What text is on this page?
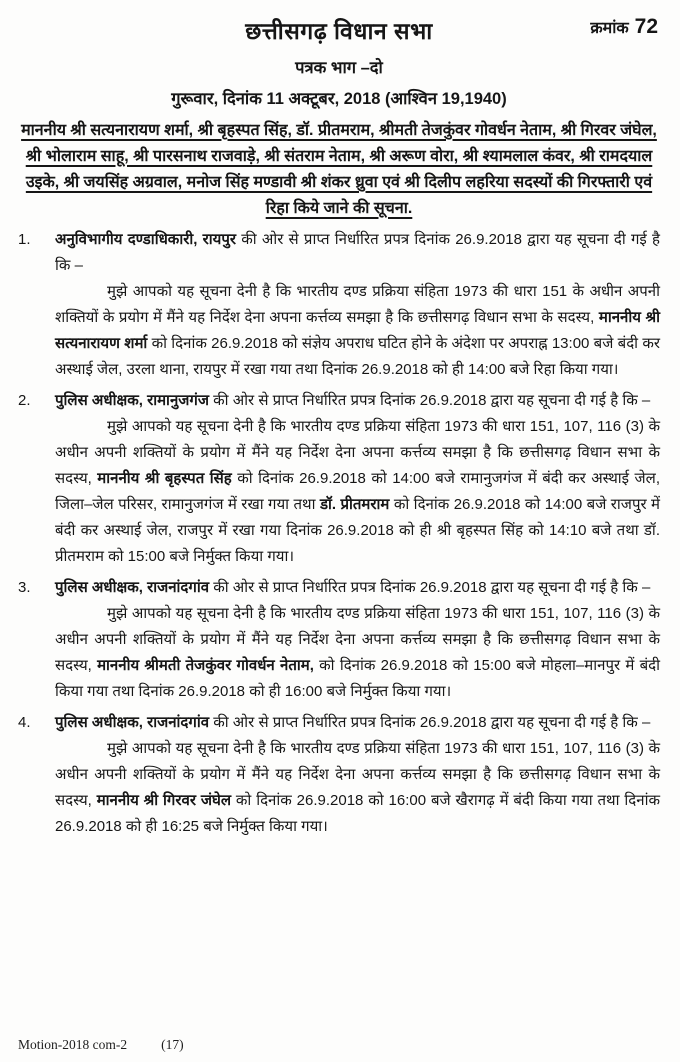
छत्तीसगढ़ विधान सभा	क्रमांक 72
पत्रक भाग –दो
गुरूवार, दिनांक 11 अक्टूबर, 2018 (आश्विन 19,1940)
माननीय श्री सत्यनारायण शर्मा, श्री बृहस्पत सिंह, डॉ. प्रीतमराम, श्रीमती तेजकुंवर गोवर्धन नेताम, श्री गिरवर जंघेल, श्री भोलाराम साहू, श्री पारसनाथ राजवाड़े, श्री संतराम नेताम, श्री अरूण वोरा, श्री श्यामलाल कंवर, श्री रामदयाल उइके, श्री जयसिंह अग्रवाल, मनोज सिंह मण्डावी श्री शंकर ध्रुवा एवं श्री दिलीप लहरिया सदस्यों की गिरफ्तारी एवं रिहा किये जाने की सूचना.
1.	अनुविभागीय दण्डाधिकारी, रायपुर की ओर से प्राप्त निर्धारित प्रपत्र दिनांक 26.9.2018 द्वारा यह सूचना दी गई है कि –
मुझे आपको यह सूचना देनी है कि भारतीय दण्ड प्रक्रिया संहिता 1973 की धारा 151 के अधीन अपनी शक्तियों के प्रयोग में मैंने यह निर्देश देना अपना कर्त्तव्य समझा है कि छत्तीसगढ़ विधान सभा के सदस्य, माननीय श्री सत्यनारायण शर्मा को दिनांक 26.9.2018 को संज्ञेय अपराध घटित होने के अंदेशा पर अपराह्न 13:00 बजे बंदी कर अस्थाई जेल, उरला थाना, रायपुर में रखा गया तथा दिनांक 26.9.2018 को ही 14:00 बजे रिहा किया गया।
2.	पुलिस अधीक्षक, रामानुजगंज की ओर से प्राप्त निर्धारित प्रपत्र दिनांक 26.9.2018 द्वारा यह सूचना दी गई है कि –
मुझे आपको यह सूचना देनी है कि भारतीय दण्ड प्रक्रिया संहिता 1973 की धारा 151, 107, 116 (3) के अधीन अपनी शक्तियों के प्रयोग में मैंने यह निर्देश देना अपना कर्त्तव्य समझा है कि छत्तीसगढ़ विधान सभा के सदस्य, माननीय श्री बृहस्पत सिंह को दिनांक 26.9.2018 को 14:00 बजे रामानुजगंज में बंदी कर अस्थाई जेल, जिला–जेल परिसर, रामानुजगंज में रखा गया तथा डॉ. प्रीतमराम को दिनांक 26.9.2018 को 14:00 बजे राजपुर में बंदी कर अस्थाई जेल, राजपुर में रखा गया दिनांक 26.9.2018 को ही श्री बृहस्पत सिंह को 14:10 बजे तथा डॉ. प्रीतमराम को 15:00 बजे निर्मुक्त किया गया।
3.	पुलिस अधीक्षक, राजनांदगांव की ओर से प्राप्त निर्धारित प्रपत्र दिनांक 26.9.2018 द्वारा यह सूचना दी गई है कि –
मुझे आपको यह सूचना देनी है कि भारतीय दण्ड प्रक्रिया संहिता 1973 की धारा 151, 107, 116 (3) के अधीन अपनी शक्तियों के प्रयोग में मैंने यह निर्देश देना अपना कर्त्तव्य समझा है कि छत्तीसगढ़ विधान सभा के सदस्य, माननीय श्रीमती तेजकुंवर गोवर्धन नेताम, को दिनांक 26.9.2018 को 15:00 बजे मोहला–मानपुर में बंदी किया गया तथा दिनांक 26.9.2018 को ही 16:00 बजे निर्मुक्त किया गया।
4.	पुलिस अधीक्षक, राजनांदगांव की ओर से प्राप्त निर्धारित प्रपत्र दिनांक 26.9.2018 द्वारा यह सूचना दी गई है कि –
मुझे आपको यह सूचना देनी है कि भारतीय दण्ड प्रक्रिया संहिता 1973 की धारा 151, 107, 116 (3) के अधीन अपनी शक्तियों के प्रयोग में मैंने यह निर्देश देना अपना कर्त्तव्य समझा है कि छत्तीसगढ़ विधान सभा के सदस्य, माननीय श्री गिरवर जंघेल को दिनांक 26.9.2018 को 16:00 बजे खैरागढ़ में बंदी किया गया तथा दिनांक 26.9.2018 को ही 16:25 बजे निर्मुक्त किया गया।
Motion-2018 com-2	(17)
